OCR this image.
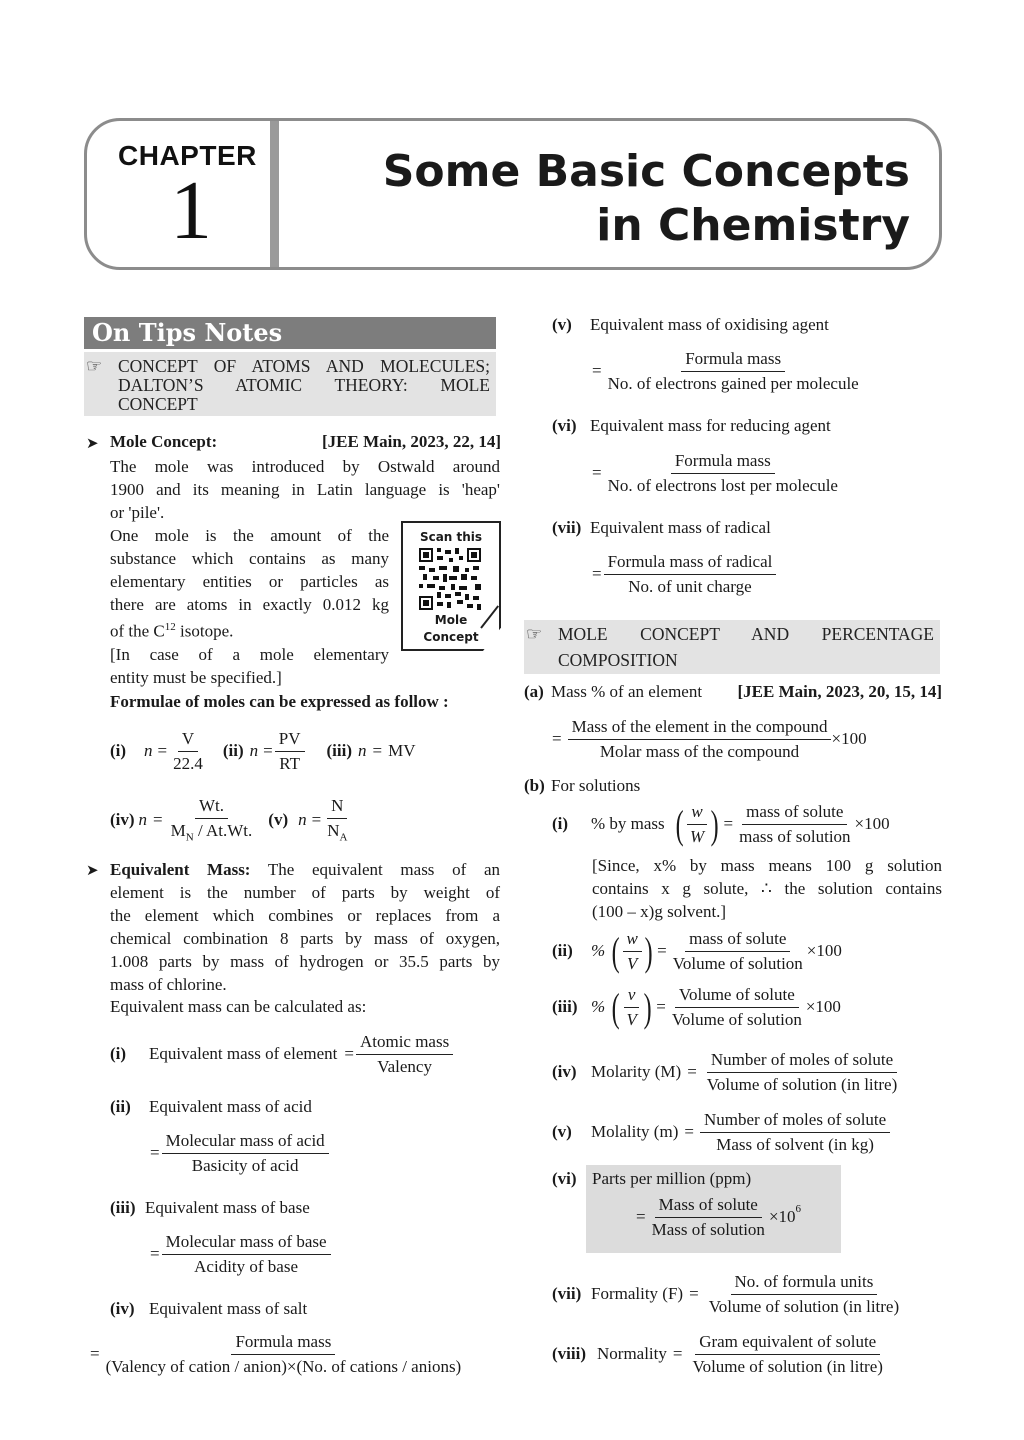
CHAPTER
1	Some Basic Concepts
in Chemistry
On Tips Notes
☞ CONCEPT OF ATOMS AND MOLECULES;
DALTON’S ATOMIC THEORY: MOLE
CONCEPT
➤ Mole Concept:	[JEE Main, 2023, 22, 14]
The mole was introduced by Ostwald around
1900 and its meaning in Latin language is 'heap'
or 'pile'.
One mole is the amount of the
substance which contains as many
elementary entities or particles as
there are atoms in exactly 0.012 kg
of the $C^{12}$ isotope.
[In case of a mole elementary
entity must be specified.]
Scan this
Mole
Concept
Formulae of moles can be expressed as follow :
(i) $n = \frac{V}{22.4} (ii) n = \frac{PV}{RT} (iii) n$ = MV
(iv) $n = \frac{Wt.}{M_N / At.Wt.} (v) n = \frac{N}{N_A}$
➤ Equivalent Mass: The equivalent mass of an
element is the number of parts by weight of
the element which combines or replaces from a
chemical combination 8 parts by mass of oxygen,
1.008 parts by mass of hydrogen or 35.5 parts by
mass of chlorine.
Equivalent mass can be calculated as:
(i)	Equivalent mass of element = $\frac{\text{Atomic mass}}{\text{Valency}}$
(ii)	Equivalent mass of acid
= $\frac{\text{Molecular mass of acid}}{\text{Basicity of acid}}$
(iii) Equivalent mass of base
= $\frac{\text{Molecular mass of base}}{\text{Acidity of base}}$
(iv) Equivalent mass of salt
= $\frac{\text{Formula mass}}{\text{(Valency of cation / anion)×(No. of cations / anions)}}$
(v)	Equivalent mass of oxidising agent
= $\frac{\text{Formula mass}}{\text{No. of electrons gained per molecule}}$
(vi) Equivalent mass for reducing agent
= $\frac{\text{Formula mass}}{\text{No. of electrons lost per molecule}}$
(vii) Equivalent mass of radical
= $\frac{\text{Formula mass of radical}}{\text{No. of unit charge}}$
☞ MOLE CONCEPT AND PERCENTAGE
COMPOSITION
(a) Mass % of an element [JEE Main, 2023, 20, 15, 14]
= $\frac{\text{Mass of the element in the compound}}{\text{Molar mass of the compound}} \times 100$
(b) For solutions
(i)	% by mass ( $\frac{w}{W}$ ) = $\frac{\text{mass of solute}}{\text{mass of solution}} \times 100$
[Since, x% by mass means 100 g solution
contains x g solute, ∴ the solution contains
(100 – x)g solvent.]
(ii)	% ( $\frac{w}{V}$ ) = $\frac{\text{mass of solute}}{\text{Volume of solution}} \times 100$
(iii) % ( $\frac{v}{V}$ ) = $\frac{\text{Volume of solute}}{\text{Volume of solution}} \times 100$
(iv) Molarity $(M) = \frac{\text{Number of moles of solute}}{\text{Volume of solution (in litre)}}$
(v)	Molality $(m) = \frac{\text{Number of moles of solute}}{\text{Mass of solvent (in kg)}}$
(vi) Parts per million (ppm)
= $\frac{\text{Mass of solute}}{\text{Mass of solution}} \times 10^6$
(vii) Formality $(F) = \frac{\text{No. of formula units}}{\text{Volume of solution (in litre)}}$
(viii) Normality = $\frac{\text{Gram equivalent of solute}}{\text{Volume of solution (in litre)}}$
